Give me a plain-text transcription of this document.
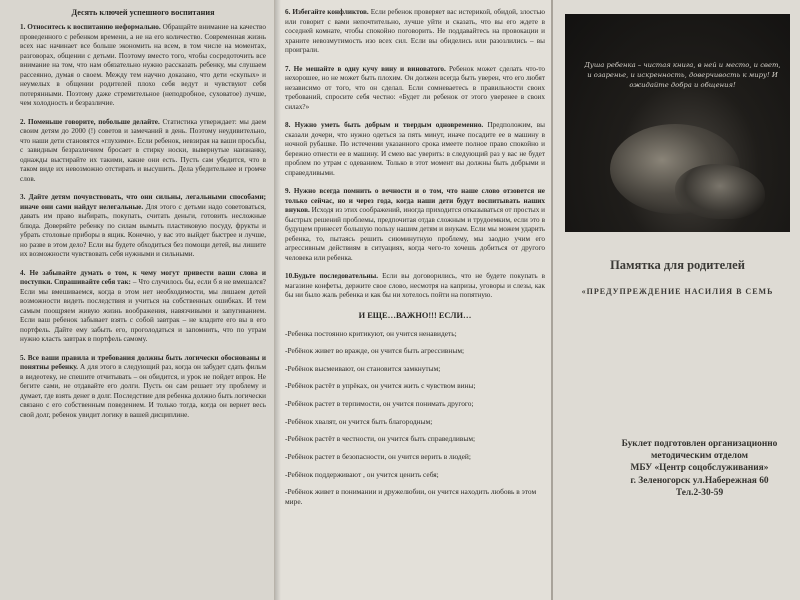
Десять ключей успешного воспитания
1. Относитесь к воспитанию неформально. Обращайте внимание на качество проведенного с ребенком времени, а не на его количество. Современная жизнь всех нас начинает все больше экономить на всем, в том числе на моментах, разговорах, общении с детьми. Поэтому вместо того, чтобы сосредоточить все внимание на том, что нам обязательно нужно рассказать ребенку, мы слушаем рассеянно, думая о своем. Между тем научно доказано, что дети «скупых» и неумелых в общении родителей плохо себя ведут и чувствуют себя потерянными. Поэтому даже стремительное (неподробное, суховатое) лучше, чем холодность и безразличие.
2. Поменьше говорите, побольше делайте. Статистика утверждает: мы даем своим детям до 2000 (!) советов и замечаний в день. Поэтому неудивительно, что наши дети становятся «глухими». Если ребенок, невзирая на ваши просьбы, с завидным безразличием бросает в стирку носки, вывернутые наизнанку, однажды выстирайте их такими, какие они есть. Пусть сам убедится, что в таком виде их невозможно отстирать и высушить. Дела убедительнее и громче слов.
3. Дайте детям почувствовать, что они сильны, легальными способами; иначе они сами найдут нелегальные. Для этого с детьми надо советоваться, давать им право выбирать, покупать, считать деньги, готовить несложные блюда. Доверяйте ребенку по силам вымыть пластиковую посуду, фрукты и убрать столовые приборы в ящик. Конечно, у вас это выйдет быстрее и лучше, но разве в этом дело? Если вы будете обходиться без помощи детей, вы лишите их возможности чувствовать себя нужными и сильными.
4. Не забывайте думать о том, к чему могут привести ваши слова и поступки. Спрашивайте себя так: – Что случилось бы, если б я не вмешался? Если мы вмешиваемся, когда в этом нет необходимости, мы лишаем детей возможности видеть последствия и учиться на собственных ошибках. И тем самым поощряем живую жизнь воображения, навязчивыми и запугиванием. Если ваш ребенок забывает взять с собой завтрак – не кладите его вы в его портфель. Дайте ему забыть его, проголодаться и запомнить, что по утрам нужно класть завтрак в портфель самому.
5. Все ваши правила и требования должны быть логически обоснованы и понятны ребенку. А для этого в следующий раз, когда он забудет сдать фильм в видеотеку, не спешите отчитывать – он обидится, и урок не пойдет впрок. Не бегите сами, не отдавайте его долги. Пусть он сам решает эту проблему и думает, где взять денег в долг. Последствие для ребенка должно быть логически связано с его собственным поведением. И только тогда, когда он вернет весь свой долг, ребенок увидит логику в вашей дисциплине.
6. Избегайте конфликтов. Если ребенок проверяет вас истерикой, обидой, злостью или говорит с вами непочтительно, лучше уйти и сказать, что вы его ждете в соседней комнате, чтобы спокойно поговорить. Не поддавайтесь на провокации и храните невозмутимость изо всех сил. Если вы обиделись или разозлились – вы проиграли.
7. Не мешайте в одну кучу вину и виноватого. Ребенок может сделать что-то нехорошее, но не может быть плохим. Он должен всегда быть уверен, что его любят независимо от того, что он сделал. Если сомневаетесь в правильности своих требований, спросите себя честно: «Будет ли ребенок от этого уверенее в своих силах?»
8. Нужно уметь быть добрым и твердым одновременно. Предположим, вы сказали дочери, что нужно одеться за пять минут, иначе посадите ее в машину в ночной рубашке. По истечении указанного срока имеете полное право спокойно и бережно отнести ее в машину. И смею вас уверить: в следующий раз у вас не будет проблем по утрам с одеванием. Только в этот момент вы должны быть добрыми и справедливыми.
9. Нужно всегда помнить о вечности и о том, что наше слово отзовется не только сейчас, но и через года, когда наши дети будут воспитывать наших внуков. Исходя из этих соображений, иногда приходится отказываться от простых и быстрых решений проблемы, предпочитая отдав сложным и трудоемким, если это в будущем принесет большую пользу нашим детям и внукам. Если мы можем ударить ребенка, то, пытаясь решить сиюминутную проблему, мы заодно учим его агрессивным действиям в ситуациях, когда чего-то хочешь добиться от другого человека или ребенка.
10.Будьте последовательны. Если вы договорились, что не будете покупать в магазине конфеты, держите свое слово, несмотря на капризы, уговоры и слезы, как бы ни было жаль ребенка и как бы ни хотелось пойти на попятную.
И ЕЩЕ…ВАЖНО!!! ЕСЛИ…
-Ребенка постоянно критикуют, он учится ненавидеть;
-Ребёнок живет во вражде, он учится быть агрессивным;
-Ребёнок высмеивают, он становится замкнутым;
-Ребёнок растёт в упрёках, он учится жить с чувством вины;
-Ребёнок растет в терпимости, он учится понимать другого;
-Ребёнок хвалят, он учится быть благородным;
-Ребёнок растёт в честности, он учится быть справедливым;
-Ребёнок растет в безопасности, он учится верить в людей;
-Ребёнок поддерживают , он учится ценить себя;
-Ребёнок живет в понимании и дружелюбии, он учится находить любовь в этом мире.
Душа ребенка – чистая книга, в ней и место, и свет, и озаренье, и искренность, доверчивость к миру! И ожидайте добра и общения!
Памятка для родителей
«ПРЕДУПРЕЖДЕНИЕ НАСИЛИЯ В СЕМЬ
Буклет подготовлен организационно
методическим отделом
МБУ «Центр соцобслуживания»
г. Зеленогорск ул.Набережная 60
Тел.2-30-59
